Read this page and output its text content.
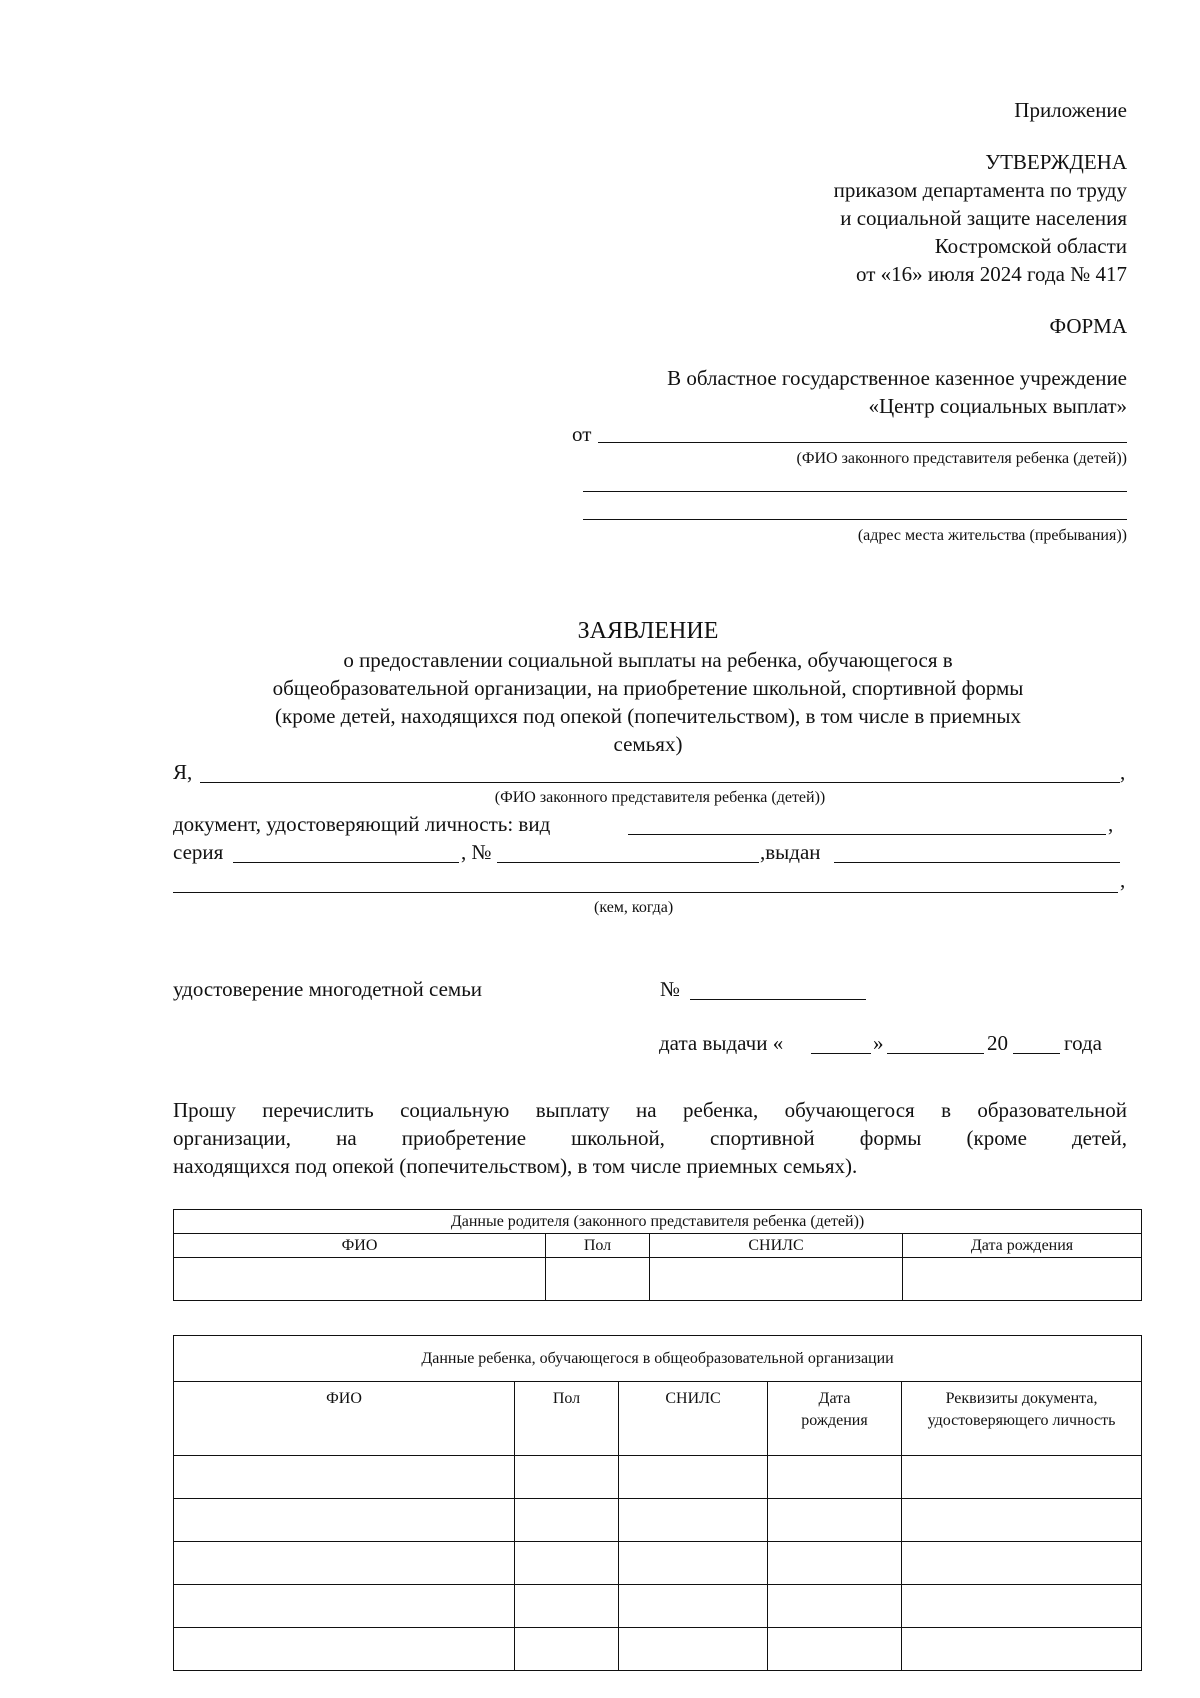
Приложение
УТВЕРЖДЕНА
приказом департамента по труду
и социальной защите населения
Костромской области
от «16» июля 2024 года № 417
ФОРМА
В областное государственное казенное учреждение
«Центр социальных выплат»
от
(ФИО законного представителя ребенка (детей))
(адрес места жительства (пребывания))
ЗАЯВЛЕНИЕ
о предоставлении социальной выплаты на ребенка, обучающегося в
общеобразовательной организации, на приобретение школьной, спортивной формы
(кроме детей, находящихся под опекой (попечительством), в том числе в приемных
семьях)
Я,	,
(ФИО законного представителя ребенка (детей))
документ, удостоверяющий личность: вид	,
серия	, №	,выдан
,
(кем, когда)
удостоверение многодетной семьи	№
дата выдачи «	»	20	года
Прошу перечислить социальную выплату на ребенка, обучающегося в образовательной
организации, на приобретение школьной, спортивной формы (кроме детей,
находящихся под опекой (попечительством), в том числе приемных семьях).
Данные родителя (законного представителя ребенка (детей))			
ФИО	Пол	СНИЛС	Дата рождения

Данные ребенка, обучающегося в общеобразовательной организации				
ФИО	Пол	СНИЛС	Дата рождения	Реквизиты документа, удостоверяющего личность
